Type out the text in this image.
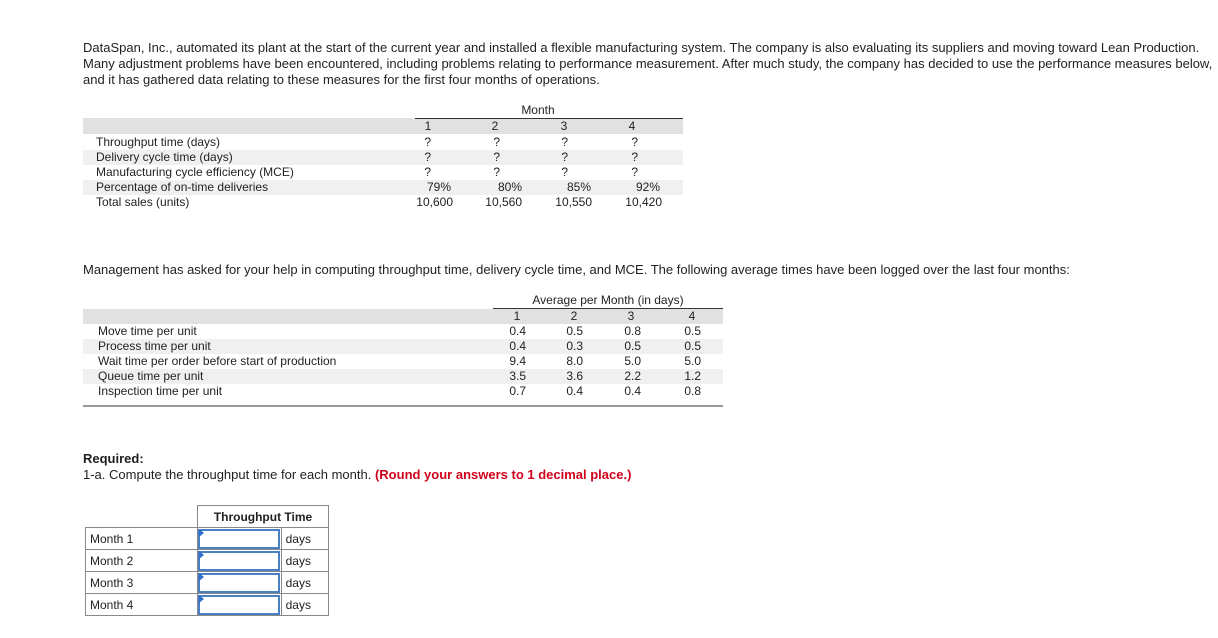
DataSpan, Inc., automated its plant at the start of the current year and installed a flexible manufacturing system. The company is also evaluating its suppliers and moving toward Lean Production. Many adjustment problems have been encountered, including problems relating to performance measurement. After much study, the company has decided to use the performance measures below, and it has gathered data relating to these measures for the first four months of operations.
Month
1	2	3	4
Throughput time (days)	?	?	?	?
Delivery cycle time (days)	?	?	?	?
Manufacturing cycle efficiency (MCE)	?	?	?	?
Percentage of on-time deliveries	79%	80%	85%	92%
Total sales (units)	10,600	10,560	10,550	10,420
Management has asked for your help in computing throughput time, delivery cycle time, and MCE. The following average times have been logged over the last four months:
Average per Month (in days)
1	2	3	4
Move time per unit	0.4	0.5	0.8	0.5
Process time per unit	0.4	0.3	0.5	0.5
Wait time per order before start of production	9.4	8.0	5.0	5.0
Queue time per unit	3.5	3.6	2.2	1.2
Inspection time per unit	0.7	0.4	0.4	0.8
Required:
1-a. Compute the throughput time for each month. (Round your answers to 1 decimal place.)
	Throughput Time	
Month 1		days
Month 2		days
Month 3		days
Month 4		days
